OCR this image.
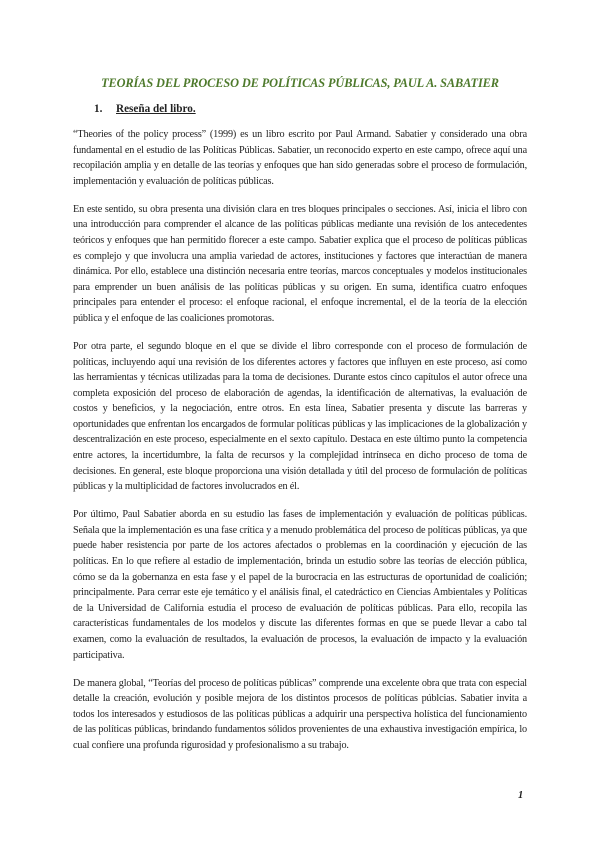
TEORÍAS DEL PROCESO DE POLÍTICAS PÚBLICAS, PAUL A. SABATIER
1. Reseña del libro.

“Theories of the policy process” (1999) es un libro escrito por Paul Armand. Sabatier y considerado una obra fundamental en el estudio de las Políticas Públicas. Sabatier, un reconocido experto en este campo, ofrece aquí una recopilación amplia y en detalle de las teorías y enfoques que han sido generadas sobre el proceso de formulación, implementación y evaluación de políticas públicas.

En este sentido, su obra presenta una división clara en tres bloques principales o secciones. Así, inicia el libro con una introducción para comprender el alcance de las políticas públicas mediante una revisión de los antecedentes teóricos y enfoques que han permitido florecer a este campo. Sabatier explica que el proceso de políticas públicas es complejo y que involucra una amplia variedad de actores, instituciones y factores que interactúan de manera dinámica. Por ello, establece una distinción necesaria entre teorías, marcos conceptuales y modelos institucionales para emprender un buen análisis de las políticas públicas y su origen. En suma, identifica cuatro enfoques principales para entender el proceso: el enfoque racional, el enfoque incremental, el de la teoría de la elección pública y el enfoque de las coaliciones promotoras.

Por otra parte, el segundo bloque en el que se divide el libro corresponde con el proceso de formulación de políticas, incluyendo aquí una revisión de los diferentes actores y factores que influyen en este proceso, así como las herramientas y técnicas utilizadas para la toma de decisiones. Durante estos cinco capítulos el autor ofrece una completa exposición del proceso de elaboración de agendas, la identificación de alternativas, la evaluación de costos y beneficios, y la negociación, entre otros. En esta línea, Sabatier presenta y discute las barreras y oportunidades que enfrentan los encargados de formular políticas públicas y las implicaciones de la globalización y descentralización en este proceso, especialmente en el sexto capítulo. Destaca en este último punto la competencia entre actores, la incertidumbre, la falta de recursos y la complejidad intrínseca en dicho proceso de toma de decisiones. En general, este bloque proporciona una visión detallada y útil del proceso de formulación de políticas públicas y la multiplicidad de factores involucrados en él.

Por último, Paul Sabatier aborda en su estudio las fases de implementación y evaluación de políticas públicas. Señala que la implementación es una fase crítica y a menudo problemática del proceso de políticas públicas, ya que puede haber resistencia por parte de los actores afectados o problemas en la coordinación y ejecución de las políticas. En lo que refiere al estadio de implementación, brinda un estudio sobre las teorías de elección pública, cómo se da la gobernanza en esta fase y el papel de la burocracia en las estructuras de oportunidad de coalición; principalmente. Para cerrar este eje temático y el análisis final, el catedráctico en Ciencias Ambientales y Políticas de la Universidad de California estudia el proceso de evaluación de políticas públicas. Para ello, recopila las características fundamentales de los modelos y discute las diferentes formas en que se puede llevar a cabo tal examen, como la evaluación de resultados, la evaluación de procesos, la evaluación de impacto y la evaluación participativa.

De manera global, “Teorías del proceso de políticas públicas” comprende una excelente obra que trata con especial detalle la creación, evolución y posible mejora de los distintos procesos de políticas públcias. Sabatier invita a todos los interesados y estudiosos de las políticas públicas a adquirir una perspectiva holística del funcionamiento de las políticas públicas, brindando fundamentos sólidos provenientes de una exhaustiva investigación empírica, lo cual confiere una profunda rigurosidad y profesionalismo a su trabajo.

1
